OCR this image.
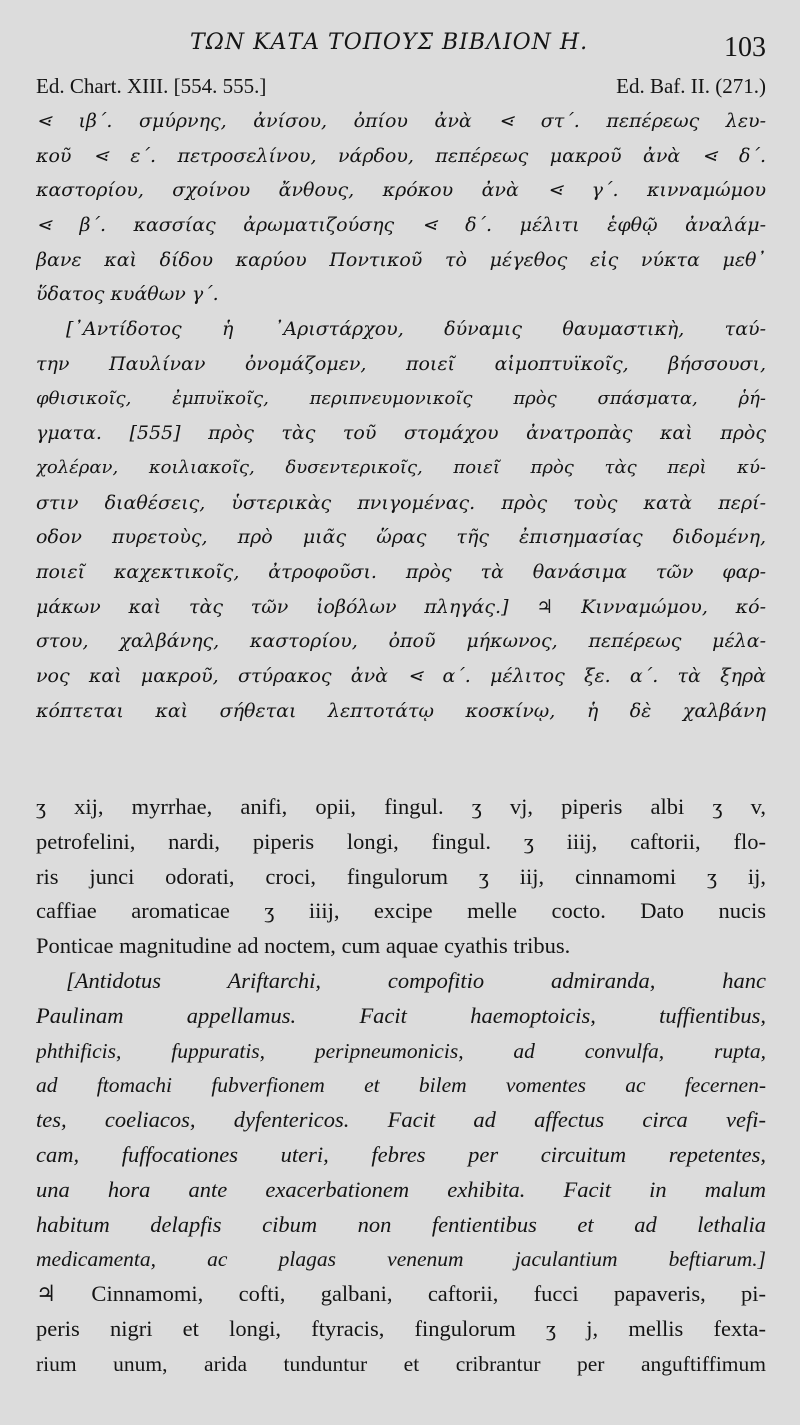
ΤΩΝ ΚΑΤΑ ΤΟΠΟΥΣ ΒΙΒΛΙΟΝ Η.	103
Ed. Chart. XIII. [554. 555.]	Ed. Baf. II. (271.)
⋖ ιβ΄. σμύρνης, ἀνίσου, ὀπίου ἀνὰ ⋖ στ΄. πεπέρεως λευ-
κοῦ ⋖ ε΄. πετροσελίνου, νάρδου, πεπέρεως μακροῦ ἀνὰ ⋖ δ΄.
καστορίου, σχοίνου ἄνθους, κρόκου ἀνὰ ⋖ γ΄. κινναμώμου
⋖ β΄. κασσίας ἀρωματιζούσης ⋖ δ΄. μέλιτι ἑφθῷ ἀναλάμ-
βανε καὶ δίδου καρύου Ποντικοῦ τὸ μέγεθος εἰς νύκτα μεθ᾽
ὕδατος κυάθων γ΄.
[᾽Αντίδοτος ἡ ᾽Αριστάρχου, δύναμις θαυμαστικὴ, ταύ-
την Παυλίναν ὀνομάζομεν, ποιεῖ αἱμοπτυϊκοῖς, βήσσουσι,
φθισικοῖς, ἐμπυϊκοῖς, περιπνευμονικοῖς πρὸς σπάσματα, ῥή-
γματα. [555] πρὸς τὰς τοῦ στομάχου ἀνατροπὰς καὶ πρὸς
χολέραν, κοιλιακοῖς, δυσεντερικοῖς, ποιεῖ πρὸς τὰς περὶ κύ-
στιν διαθέσεις, ὑστερικὰς πνιγομένας. πρὸς τοὺς κατὰ περί-
οδον πυρετοὺς, πρὸ μιᾶς ὥρας τῆς ἐπισημασίας διδομένη,
ποιεῖ καχεκτικοῖς, ἀτροφοῦσι. πρὸς τὰ θανάσιμα τῶν φαρ-
μάκων καὶ τὰς τῶν ἰοβόλων πληγάς.] ♃ Κινναμώμου, κό-
στου, χαλβάνης, καστορίου, ὀποῦ μήκωνος, πεπέρεως μέλα-
νος καὶ μακροῦ, στύρακος ἀνὰ ⋖ α΄. μέλιτος ξε. α΄. τὰ ξηρὰ
κόπτεται καὶ σήθεται λεπτοτάτῳ κοσκίνῳ, ἡ δὲ χαλβάνη
ʒ xij, myrrhae, anifi, opii, fingul. ʒ vj, piperis albi ʒ v,
petrofelini, nardi, piperis longi, fingul. ʒ iiij, caftorii, flo-
ris junci odorati, croci, fingulorum ʒ iij, cinnamomi ʒ ij,
caffiae aromaticae ʒ iiij, excipe melle cocto. Dato nucis
Ponticae magnitudine ad noctem, cum aquae cyathis tribus.
[Antidotus Ariftarchi, compofitio admiranda, hanc
Paulinam appellamus. Facit haemoptoicis, tuffientibus,
phthificis, fuppuratis, peripneumonicis, ad convulfa, rupta,
ad ftomachi fubverfionem et bilem vomentes ac fecernen-
tes, coeliacos, dyfentericos. Facit ad affectus circa vefi-
cam, fuffocationes uteri, febres per circuitum repetentes,
una hora ante exacerbationem exhibita. Facit in malum
habitum delapfis cibum non fentientibus et ad lethalia
medicamenta, ac plagas venenum jaculantium beftiarum.]
♃ Cinnamomi, cofti, galbani, caftorii, fucci papaveris, pi-
peris nigri et longi, ftyracis, fingulorum ʒ j, mellis fexta-
rium unum, arida tunduntur et cribrantur per anguftiffimum
